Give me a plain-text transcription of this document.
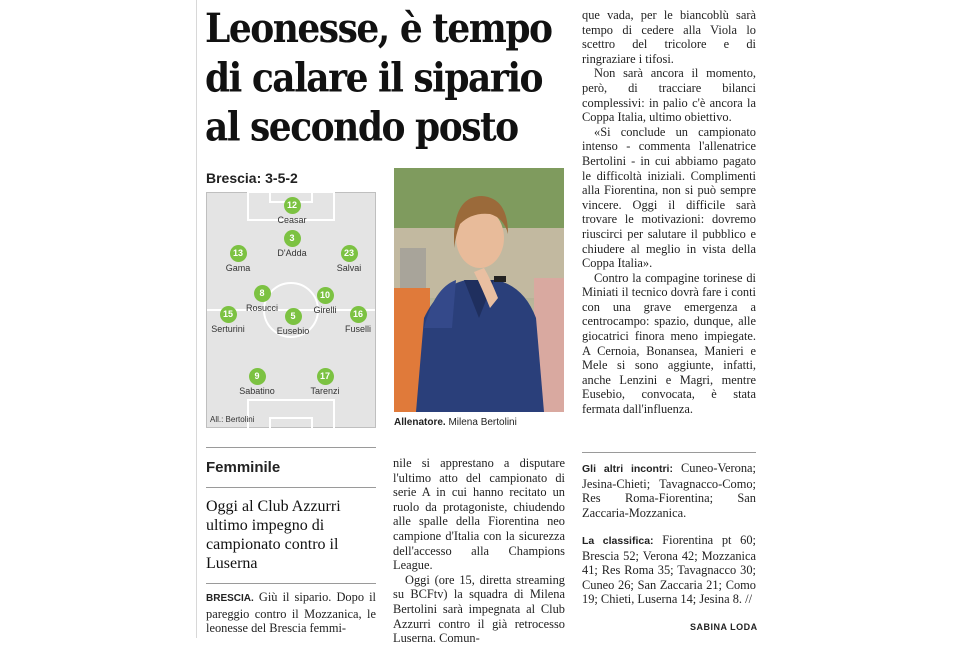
Leonesse, è tempo di calare il sipario al secondo posto
Brescia: 3-5-2
12
Ceasar
3
D'Adda
13
Gama
23
Salvai
8
Rosucci
10
Girelli
15
Serturini
5
Eusebio
16
Fuselli
9
Sabatino
17
Tarenzi
All.: Bertolini	Allenatore. Milena Bertolini

Femminile

Oggi al Club Azzurri ultimo impegno di campionato contro il Luserna

BRESCIA. Giù il sipario. Dopo il pareggio contro il Mozzanica, le leonesse del Brescia femmi-

nile si apprestano a disputare l'ultimo atto del campionato di serie A in cui hanno recitato un ruolo da protagoniste, chiudendo alle spalle della Fiorentina neo campione d'Italia con la sicurezza dell'accesso alla Champions League.

Oggi (ore 15, diretta streaming su BCFtv) la squadra di Milena Bertolini sarà impegnata al Club Azzurri contro il già retrocesso Luserna. Comun-

que vada, per le biancoblù sarà tempo di cedere alla Viola lo scettro del tricolore e di ringraziare i tifosi.

Non sarà ancora il momento, però, di tracciare bilanci complessivi: in palio c'è ancora la Coppa Italia, ultimo obiettivo.

«Si conclude un campionato intenso - commenta l'allenatrice Bertolini - in cui abbiamo pagato le difficoltà iniziali. Complimenti alla Fiorentina, non si può sempre vincere. Oggi il difficile sarà trovare le motivazioni: dovremo riuscirci per salutare il pubblico e chiudere al meglio in vista della Coppa Italia».

Contro la compagine torinese di Miniati il tecnico dovrà fare i conti con una grave emergenza a centrocampo: spazio, dunque, alle giocatrici finora meno impiegate. A Cernoia, Bonansea, Manieri e Mele si sono aggiunte, infatti, anche Lenzini e Magri, mentre Eusebio, convocata, è stata fermata dall'influenza.

Gli altri incontri: Cuneo-Verona; Jesina-Chieti; Tavagnacco-Como; Res Roma-Fiorentina; San Zaccaria-Mozzanica.

La classifica: Fiorentina pt 60; Brescia 52; Verona 42; Mozzanica 41; Res Roma 35; Tavagnacco 30; Cuneo 26; San Zaccaria 21; Como 19; Chieti, Luserna 14; Jesina 8. //

SABINA LODA
